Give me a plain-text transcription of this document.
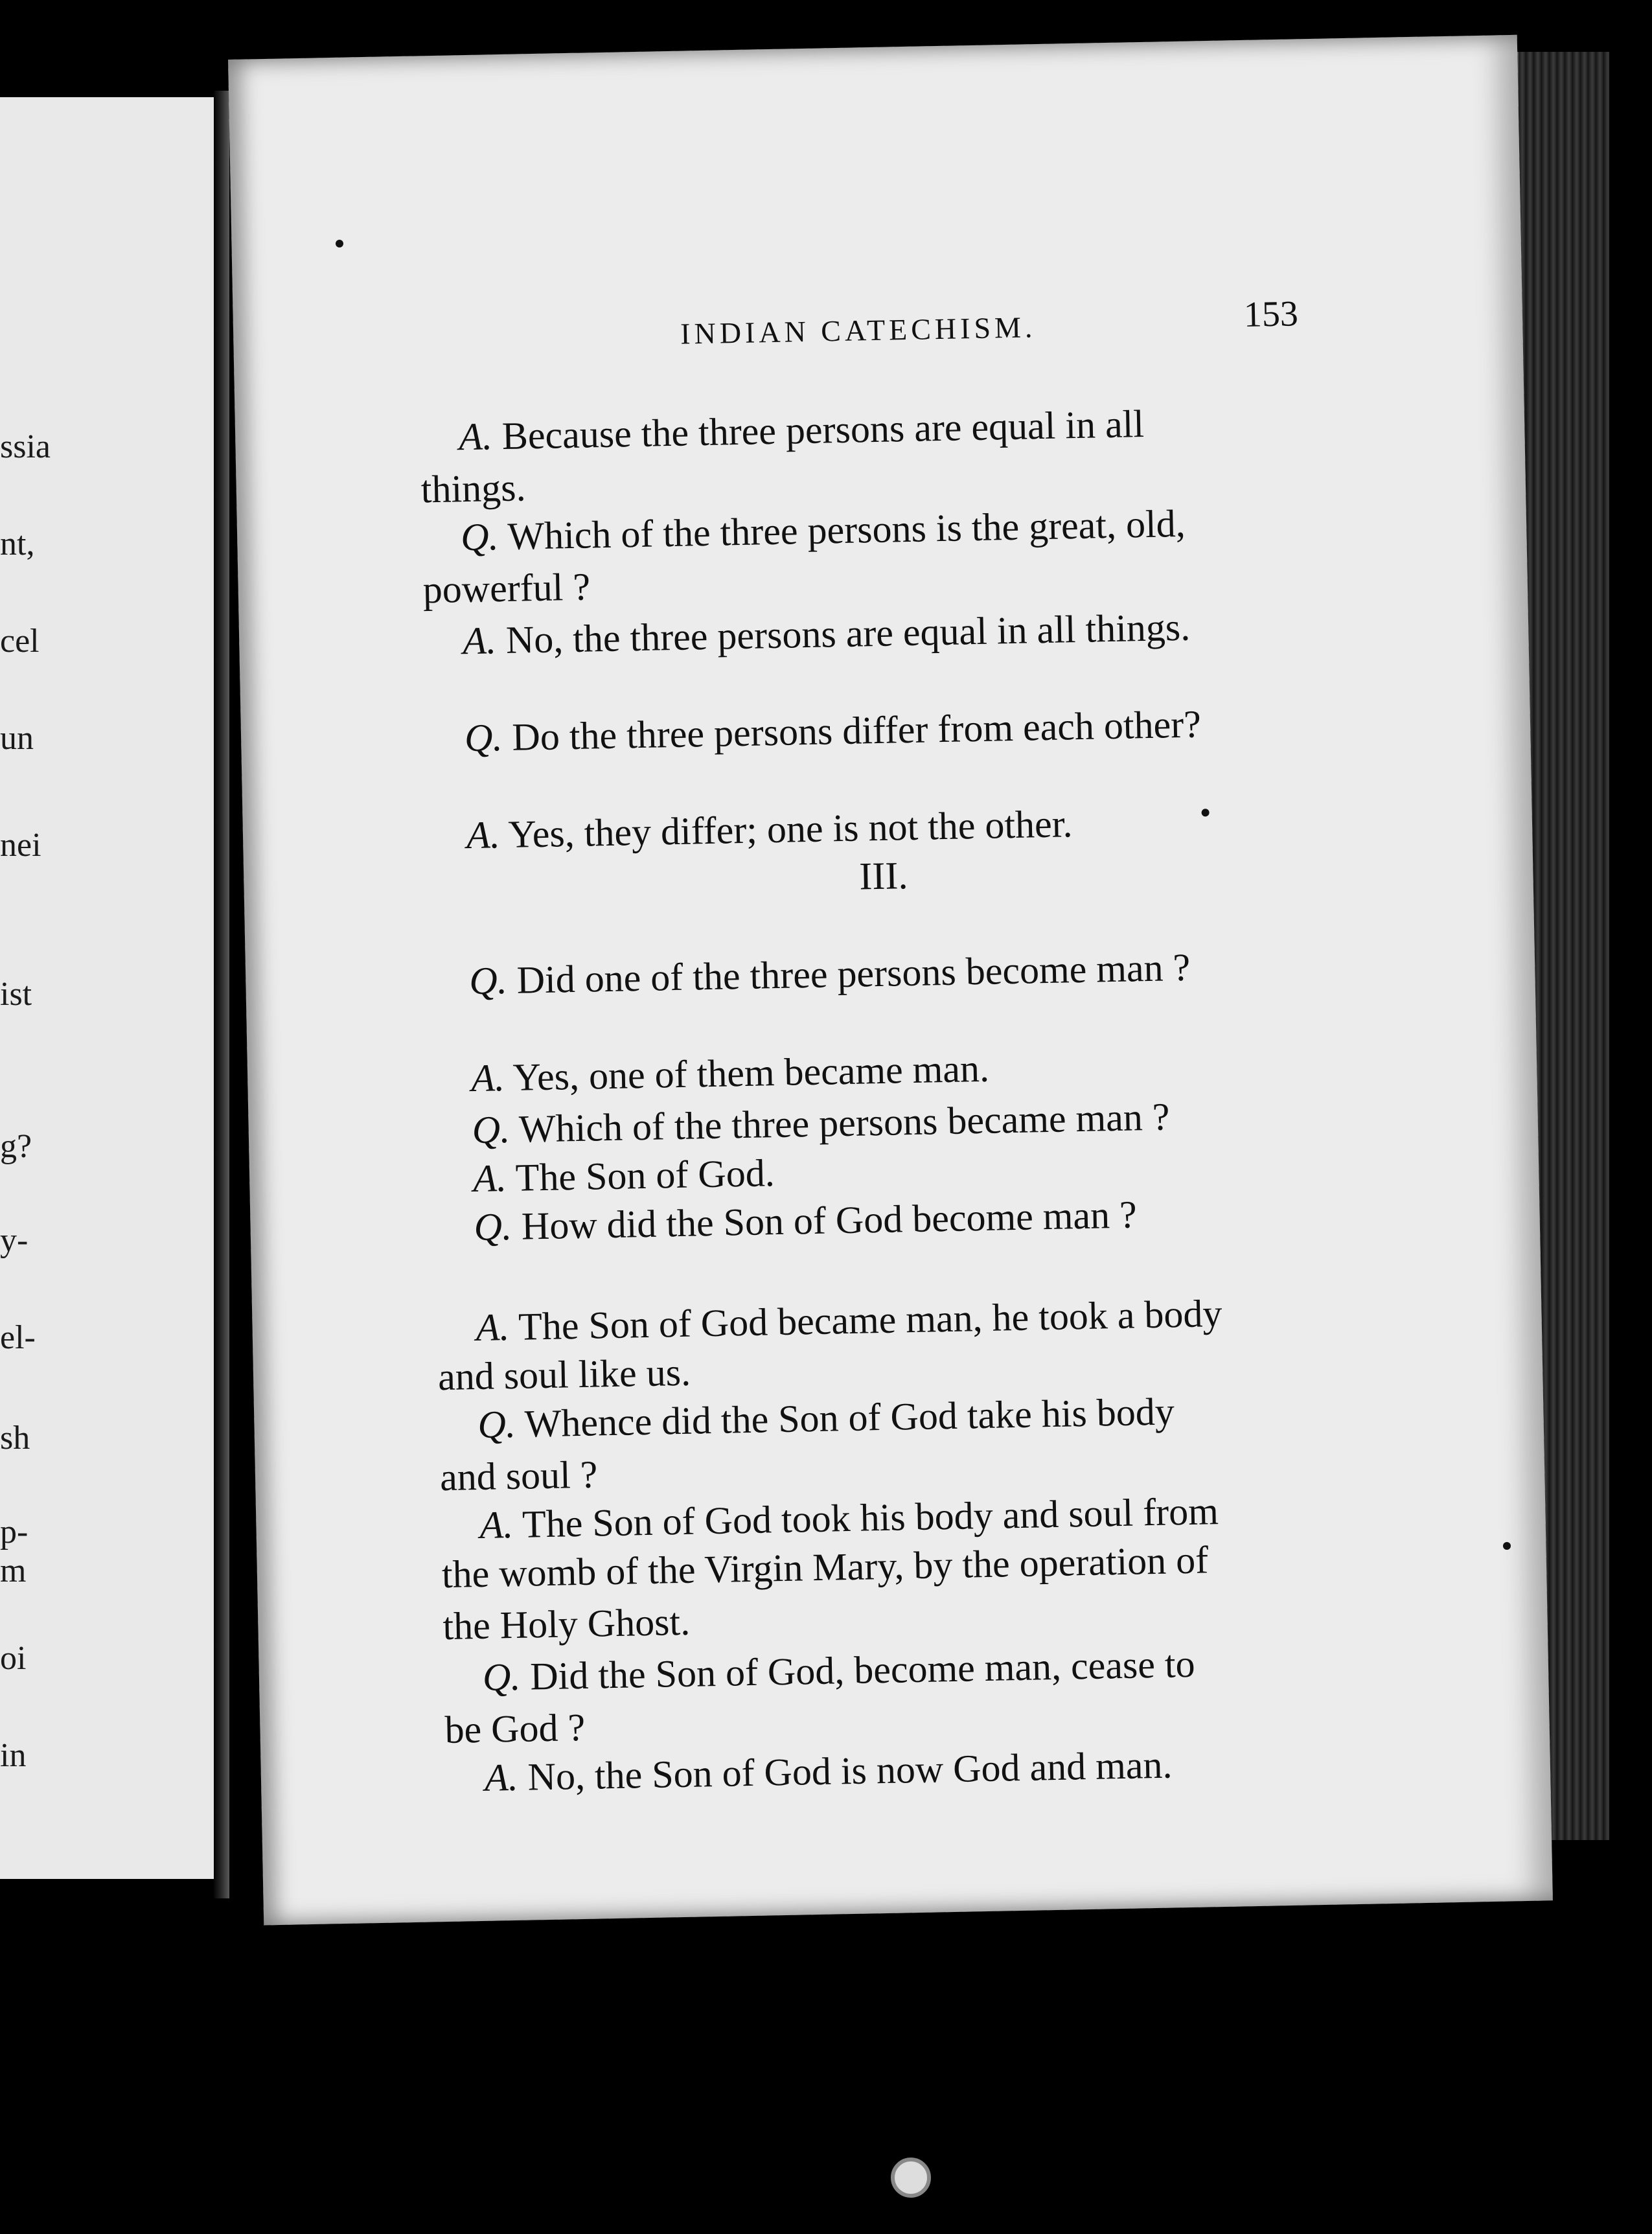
ssia
nt,
cel
un
nei
ist
g?
y-
el-
sh
p-
m
oi
in
INDIAN CATECHISM.	153
A. Because the three persons are equal in all
things.
Q. Which of the three persons is the great, old,
powerful ?
A. No, the three persons are equal in all things.
Q. Do the three persons differ from each other?
A. Yes, they differ; one is not the other.
III.
Q. Did one of the three persons become man ?
A. Yes, one of them became man.
Q. Which of the three persons became man ?
A. The Son of God.
Q. How did the Son of God become man ?
A. The Son of God became man, he took a body
and soul like us.
Q. Whence did the Son of God take his body
and soul ?
A. The Son of God took his body and soul from
the womb of the Virgin Mary, by the operation of
the Holy Ghost.
Q. Did the Son of God, become man, cease to
be God ?
A. No, the Son of God is now God and man.
